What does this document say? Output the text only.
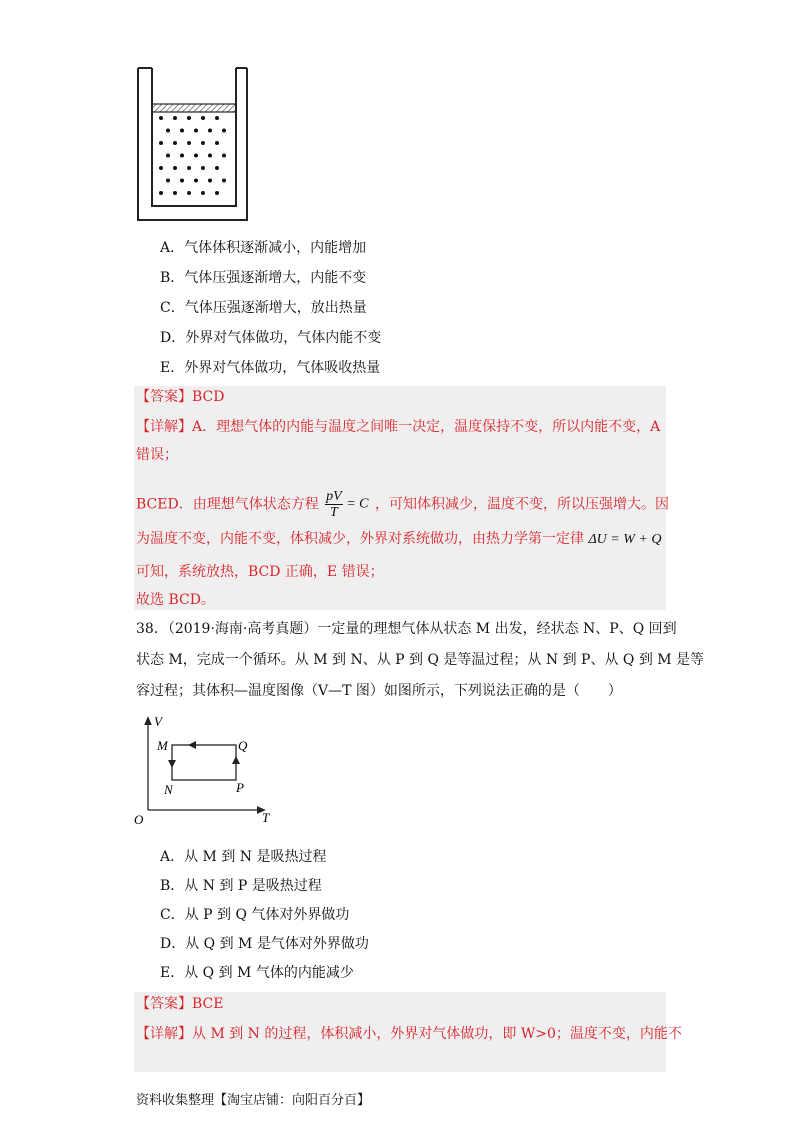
A．气体体积逐渐减小，内能增加
B．气体压强逐渐增大，内能不变
C．气体压强逐渐增大，放出热量
D．外界对气体做功，气体内能不变
E．外界对气体做功，气体吸收热量
【答案】BCD
【详解】A．理想气体的内能与温度之间唯一决定，温度保持不变，所以内能不变，A
错误；
BCED．由理想气体状态方程 $\frac{pV}{T} = C$ ，可知体积减少，温度不变，所以压强增大。因
为温度不变，内能不变，体积减少，外界对系统做功，由热力学第一定律 ΔU = W + Q
可知，系统放热，BCD 正确，E 错误；
故选 BCD。
38．（2019·海南·高考真题）一定量的理想气体从状态 M 出发，经状态 N、P、Q 回到
状态 M，完成一个循环。从 M 到 N、从 P 到 Q 是等温过程；从 N 到 P、从 Q 到 M 是等
容过程；其体积—温度图像（V—T 图）如图所示，下列说法正确的是（　　）
V
T
O
M	Q
N	P
A．从 M 到 N 是吸热过程
B．从 N 到 P 是吸热过程
C．从 P 到 Q 气体对外界做功
D．从 Q 到 M 是气体对外界做功
E．从 Q 到 M 气体的内能减少
【答案】BCE
【详解】从 M 到 N 的过程，体积减小，外界对气体做功，即 W>0；温度不变，内能不
资料收集整理【淘宝店铺：向阳百分百】
